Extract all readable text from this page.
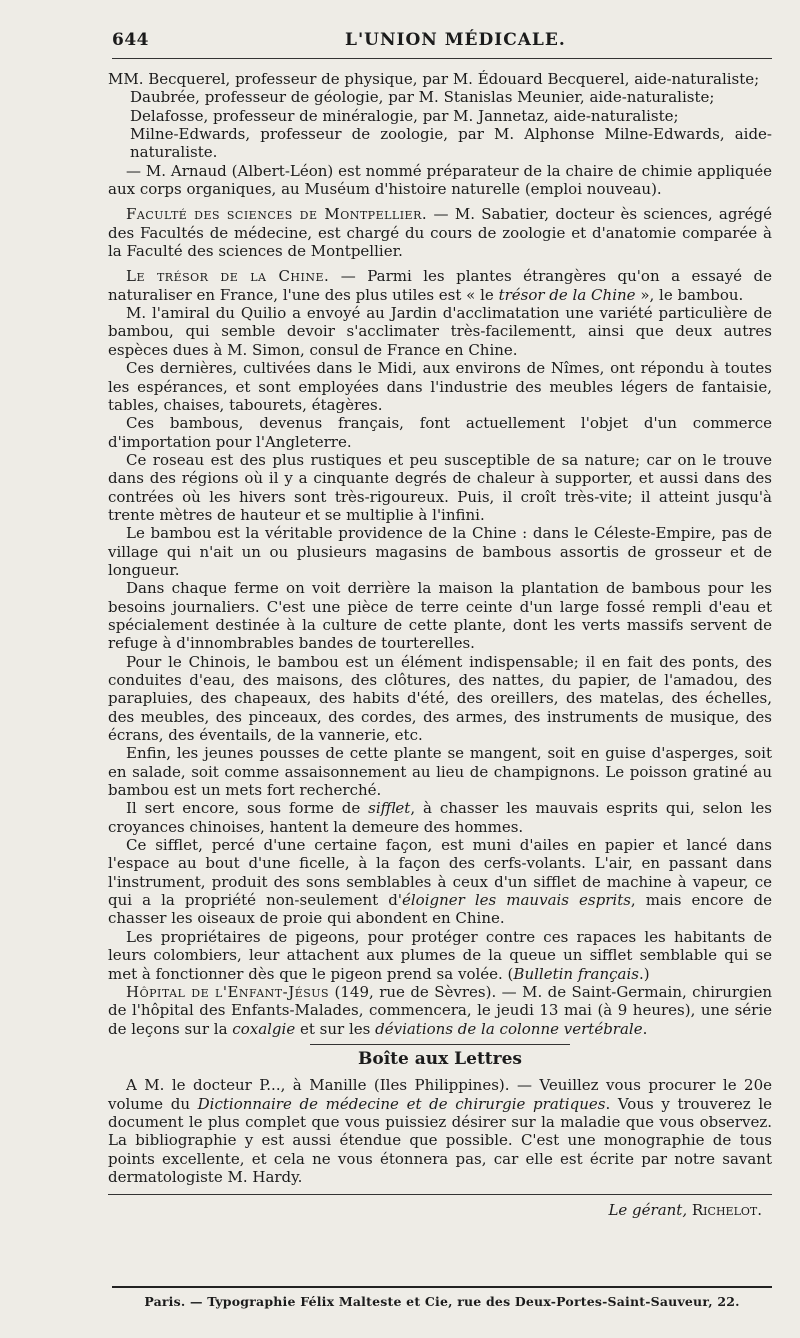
644	L'UNION MÉDICALE.

MM. Becquerel, professeur de physique, par M. Édouard Becquerel, aide-naturaliste;

Daubrée, professeur de géologie, par M. Stanislas Meunier, aide-naturaliste;

Delafosse, professeur de minéralogie, par M. Jannetaz, aide-naturaliste;

Milne-Edwards, professeur de zoologie, par M. Alphonse Milne-Edwards, aide-naturaliste.

— M. Arnaud (Albert-Léon) est nommé préparateur de la chaire de chimie appliquée aux corps organiques, au Muséum d'histoire naturelle (emploi nouveau).

Faculté des sciences de Montpellier. — M. Sabatier, docteur ès sciences, agrégé des Facultés de médecine, est chargé du cours de zoologie et d'anatomie comparée à la Faculté des sciences de Montpellier.

Le trésor de la Chine. — Parmi les plantes étrangères qu'on a essayé de naturaliser en France, l'une des plus utiles est « le trésor de la Chine », le bambou.

M. l'amiral du Quilio a envoyé au Jardin d'acclimatation une variété particulière de bambou, qui semble devoir s'acclimater très-facilementt, ainsi que deux autres espèces dues à M. Simon, consul de France en Chine.

Ces dernières, cultivées dans le Midi, aux environs de Nîmes, ont répondu à toutes les espérances, et sont employées dans l'industrie des meubles légers de fantaisie, tables, chaises, tabourets, étagères.

Ces bambous, devenus français, font actuellement l'objet d'un commerce d'importation pour l'Angleterre.

Ce roseau est des plus rustiques et peu susceptible de sa nature; car on le trouve dans des régions où il y a cinquante degrés de chaleur à supporter, et aussi dans des contrées où les hivers sont très-rigoureux. Puis, il croît très-vite; il atteint jusqu'à trente mètres de hauteur et se multiplie à l'infini.

Le bambou est la véritable providence de la Chine : dans le Céleste-Empire, pas de village qui n'ait un ou plusieurs magasins de bambous assortis de grosseur et de longueur.

Dans chaque ferme on voit derrière la maison la plantation de bambous pour les besoins journaliers. C'est une pièce de terre ceinte d'un large fossé rempli d'eau et spécialement destinée à la culture de cette plante, dont les verts massifs servent de refuge à d'innombrables bandes de tourterelles.

Pour le Chinois, le bambou est un élément indispensable; il en fait des ponts, des conduites d'eau, des maisons, des clôtures, des nattes, du papier, de l'amadou, des parapluies, des chapeaux, des habits d'été, des oreillers, des matelas, des échelles, des meubles, des pinceaux, des cordes, des armes, des instruments de musique, des écrans, des éventails, de la vannerie, etc.

Enfin, les jeunes pousses de cette plante se mangent, soit en guise d'asperges, soit en salade, soit comme assaisonnement au lieu de champignons. Le poisson gratiné au bambou est un mets fort recherché.

Il sert encore, sous forme de sifflet, à chasser les mauvais esprits qui, selon les croyances chinoises, hantent la demeure des hommes.

Ce sifflet, percé d'une certaine façon, est muni d'ailes en papier et lancé dans l'espace au bout d'une ficelle, à la façon des cerfs-volants. L'air, en passant dans l'instrument, produit des sons semblables à ceux d'un sifflet de machine à vapeur, ce qui a la propriété non-seulement d'éloigner les mauvais esprits, mais encore de chasser les oiseaux de proie qui abondent en Chine.

Les propriétaires de pigeons, pour protéger contre ces rapaces les habitants de leurs colombiers, leur attachent aux plumes de la queue un sifflet semblable qui se met à fonctionner dès que le pigeon prend sa volée. (Bulletin français.)

Hôpital de l'Enfant-Jésus (149, rue de Sèvres). — M. de Saint-Germain, chirurgien de l'hôpital des Enfants-Malades, commencera, le jeudi 13 mai (à 9 heures), une série de leçons sur la coxalgie et sur les déviations de la colonne vertébrale.

Boîte aux Lettres

A M. le docteur P..., à Manille (Iles Philippines). — Veuillez vous procurer le 20e volume du Dictionnaire de médecine et de chirurgie pratiques. Vous y trouverez le document le plus complet que vous puissiez désirer sur la maladie que vous observez. La bibliographie y est aussi étendue que possible. C'est une monographie de tous points excellente, et cela ne vous étonnera pas, car elle est écrite par notre savant dermatologiste M. Hardy.

Le gérant, Richelot.

Paris. — Typographie Félix Malteste et Cie, rue des Deux-Portes-Saint-Sauveur, 22.
